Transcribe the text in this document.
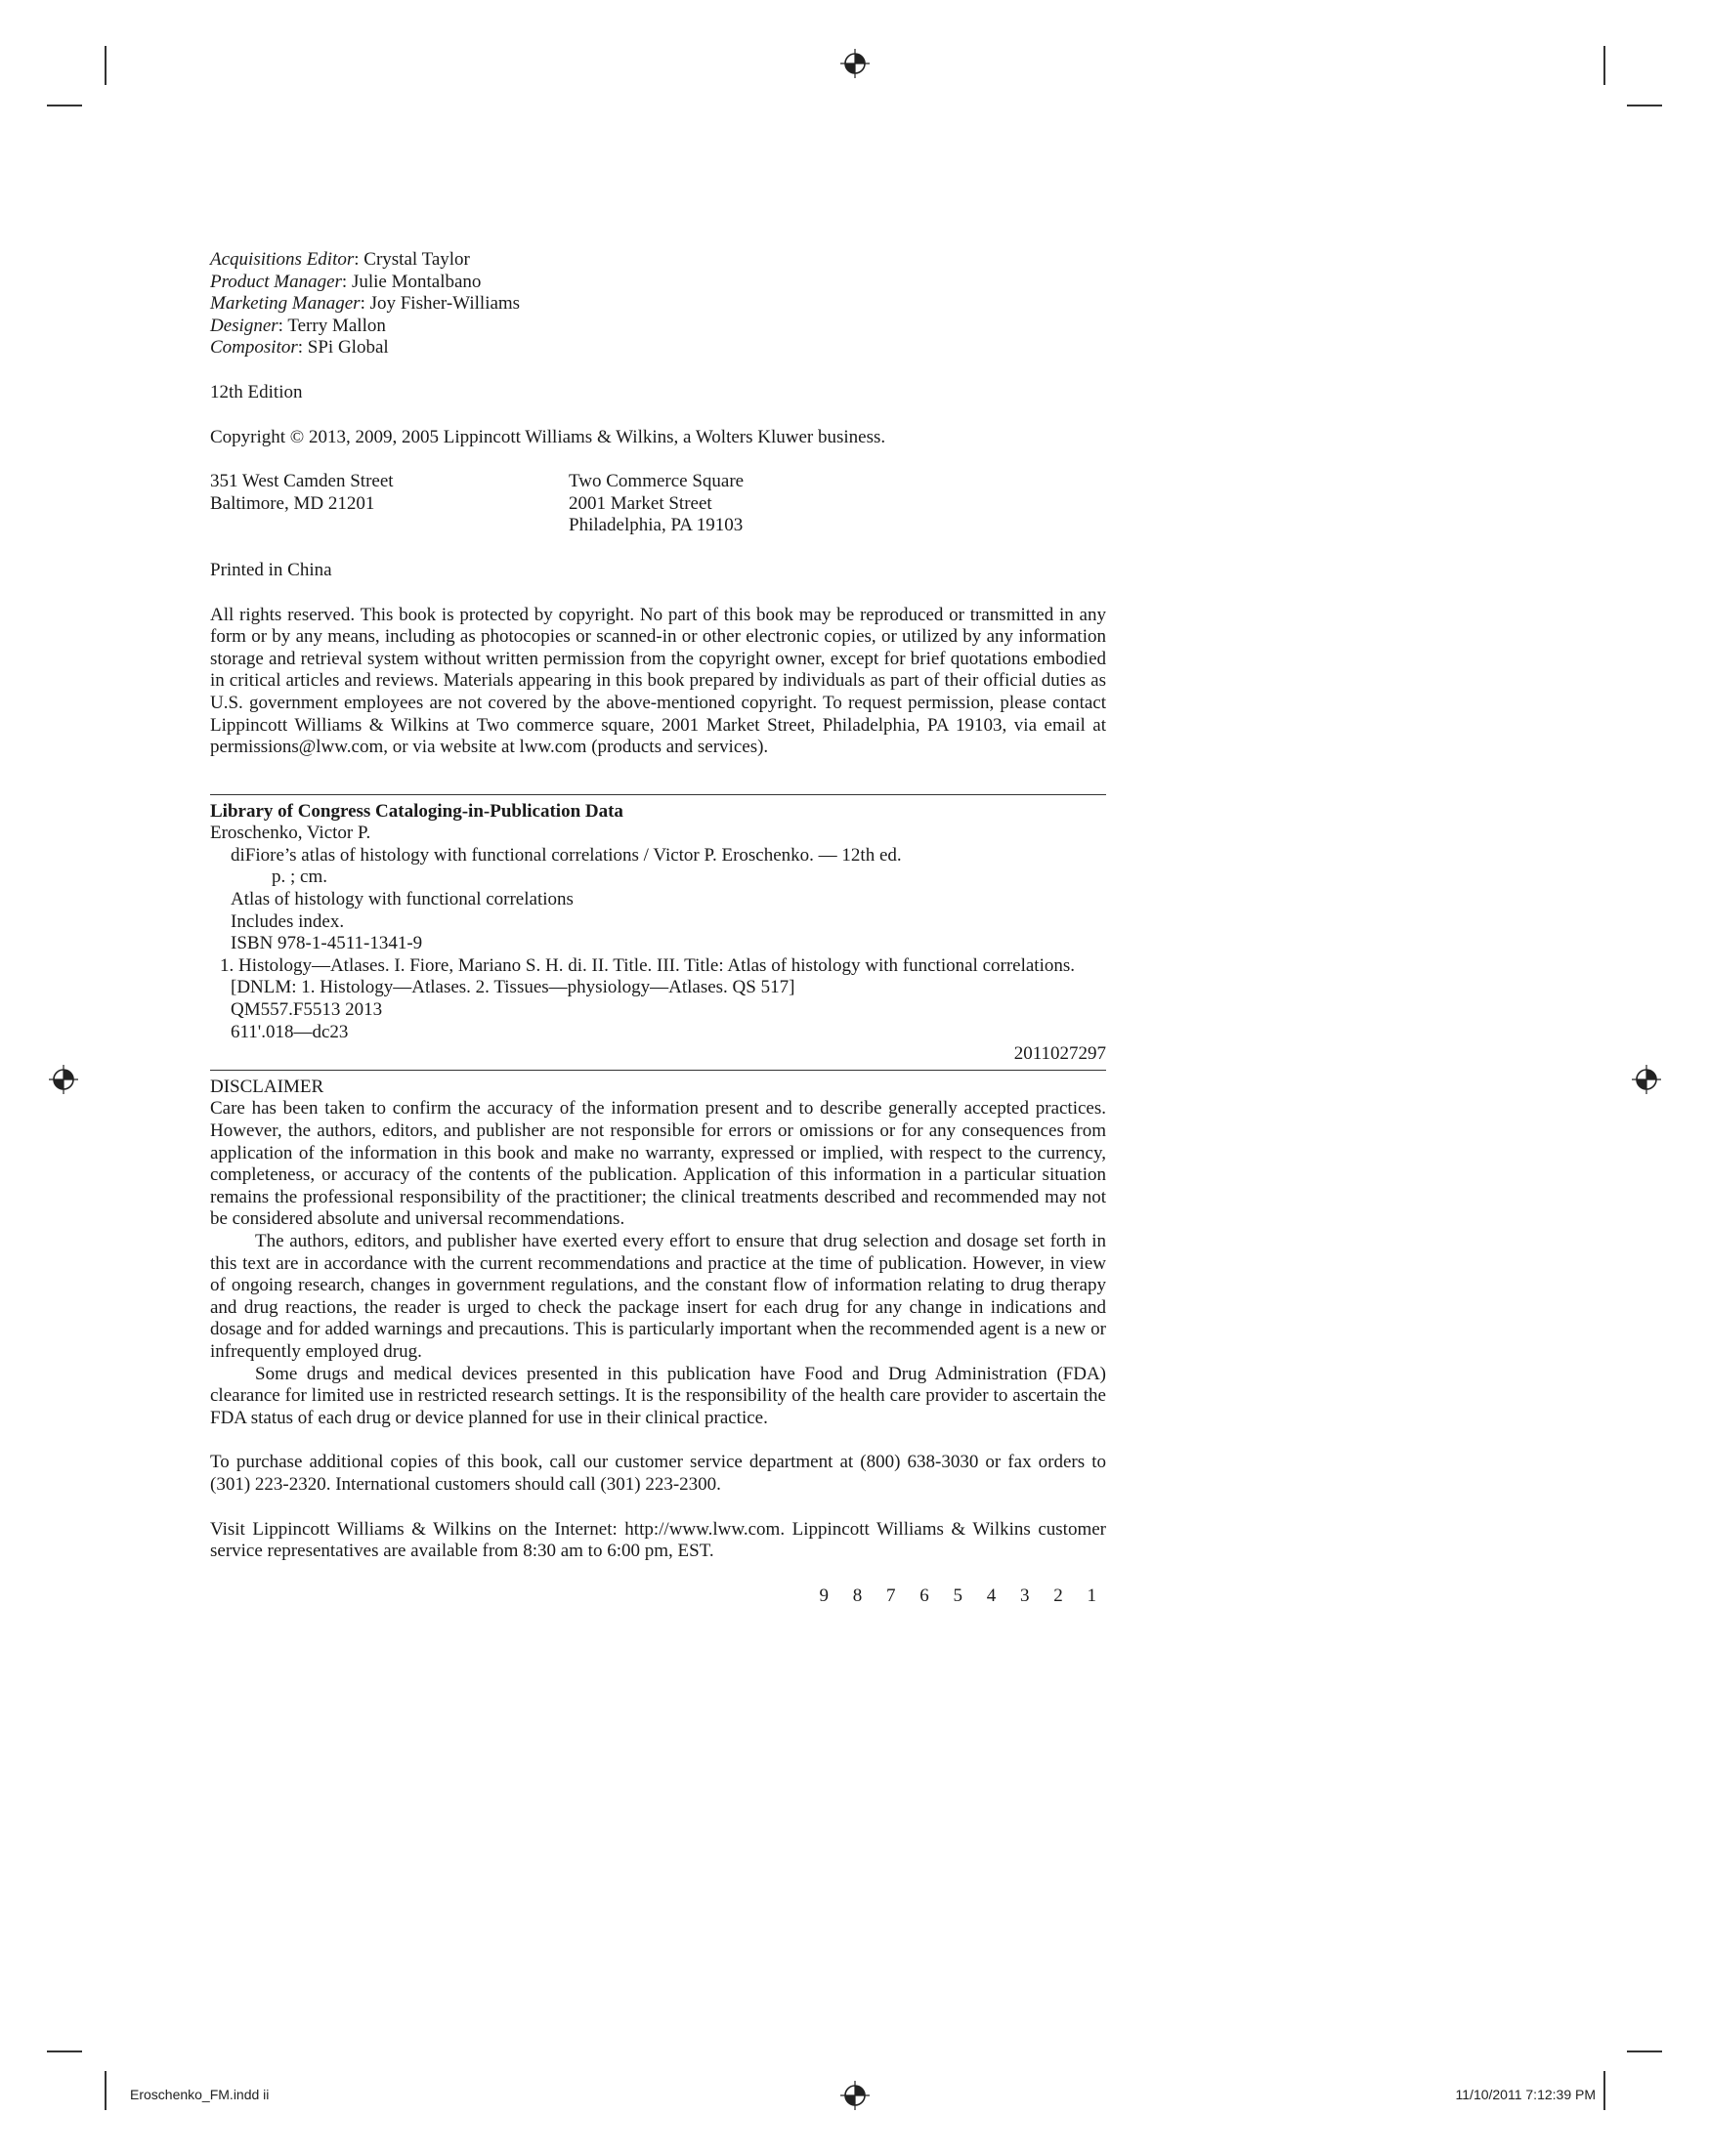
Acquisitions Editor: Crystal Taylor

Product Manager: Julie Montalbano

Marketing Manager: Joy Fisher-Williams

Designer: Terry Mallon

Compositor: SPi Global

12th Edition

Copyright © 2013, 2009, 2005 Lippincott Williams & Wilkins, a Wolters Kluwer business.

351 West Camden Street

Baltimore, MD 21201

Two Commerce Square

2001 Market Street

Philadelphia, PA 19103

Printed in China

All rights reserved. This book is protected by copyright. No part of this book may be reproduced or transmitted in any form or by any means, including as photocopies or scanned-in or other electronic copies, or utilized by any information storage and retrieval system without written permission from the copyright owner, except for brief quotations embodied in critical articles and reviews. Materials appearing in this book prepared by individuals as part of their official duties as U.S. government employees are not covered by the above-mentioned copyright. To request permission, please contact Lippincott Williams & Wilkins at Two commerce square, 2001 Market Street, Philadelphia, PA 19103, via email at permissions@lww.com, or via website at lww.com (products and services).

Library of Congress Cataloging-in-Publication Data

Eroschenko, Victor P.

diFiore’s atlas of histology with functional correlations / Victor P. Eroschenko. — 12th ed.

p. ; cm.

Atlas of histology with functional correlations

Includes index.

ISBN 978-1-4511-1341-9

1. Histology—Atlases. I. Fiore, Mariano S. H. di. II. Title. III. Title: Atlas of histology with functional correlations.

[DNLM: 1. Histology—Atlases. 2. Tissues—physiology—Atlases. QS 517]

QM557.F5513 2013

611'.018—dc23

2011027297

DISCLAIMER

Care has been taken to confirm the accuracy of the information present and to describe generally accepted practices. However, the authors, editors, and publisher are not responsible for errors or omissions or for any consequences from application of the information in this book and make no warranty, expressed or implied, with respect to the currency, completeness, or accuracy of the contents of the publication. Application of this information in a particular situation remains the professional responsibility of the practitioner; the clinical treatments described and recommended may not be considered absolute and universal recommendations.

The authors, editors, and publisher have exerted every effort to ensure that drug selection and dosage set forth in this text are in accordance with the current recommendations and practice at the time of publication. However, in view of ongoing research, changes in government regulations, and the constant flow of information relating to drug therapy and drug reactions, the reader is urged to check the package insert for each drug for any change in indications and dosage and for added warnings and precautions. This is particularly important when the recommended agent is a new or infrequently employed drug.

Some drugs and medical devices presented in this publication have Food and Drug Administration (FDA) clearance for limited use in restricted research settings. It is the responsibility of the health care provider to ascertain the FDA status of each drug or device planned for use in their clinical practice.

To purchase additional copies of this book, call our customer service department at (800) 638-3030 or fax orders to (301) 223-2320. International customers should call (301) 223-2300.

Visit Lippincott Williams & Wilkins on the Internet: http://www.lww.com. Lippincott Williams & Wilkins customer service representatives are available from 8:30 am to 6:00 pm, EST.

9 8 7 6 5 4 3 2 1

Eroschenko_FM.indd ii	11/10/2011 7:12:39 PM
